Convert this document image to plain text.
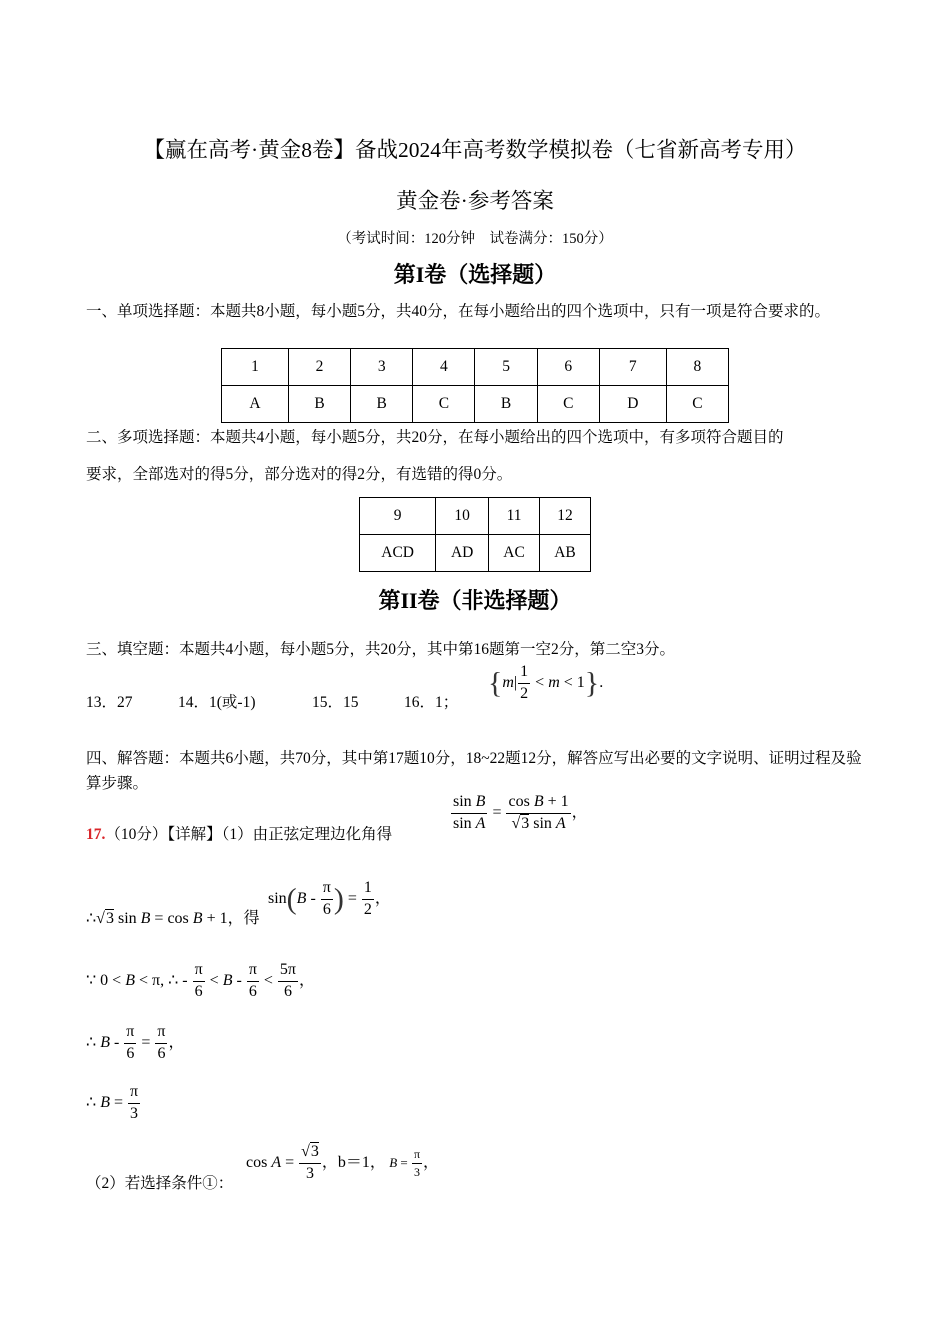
【赢在高考·黄金8卷】备战2024年高考数学模拟卷（七省新高考专用）
黄金卷·参考答案
（考试时间：120分钟　试卷满分：150分）
第I卷（选择题）
一、单项选择题：本题共8小题，每小题5分，共40分，在每小题给出的四个选项中，只有一项是符合要求的。
1	2	3	4	5	6	7	8
A	B	B	C	B	C	D	C
二、多项选择题：本题共4小题，每小题5分，共20分，在每小题给出的四个选项中，有多项符合题目的
要求，全部选对的得5分，部分选对的得2分，有选错的得0分。
9	10	11	12
ACD	AD	AC	AB
第II卷（非选择题）
三、填空题：本题共4小题，每小题5分，共20分，其中第16题第一空2分，第二空3分。
13．27	14．1(或-1)	15．15	16．1；
$\{m| \frac{1}{2} < m < 1\}$.
四、解答题：本题共6小题，共70分，其中第17题10分，18~22题12分，解答应写出必要的文字说明、证明过程及验算步骤。
17.（10分）【详解】（1）由正弦定理边化角得
$\frac{\text{sin B}}{\text{sin A}} = \frac{\text{cos B + 1}}{\text{√3 sin A}}$ ，
∴√3 sin B = cos B + 1，得
$\sin(B - \frac{\pi}{6}$ ) = $\frac{1}{2}$ ，
∵ 0 < B < π, ∴ - $\frac{\pi}{6} < B - \frac{\pi}{6} < \frac{5\pi}{6}$ ，
∴ $B - \frac{\pi}{6} = \frac{\pi}{6}$ ，
∴ $B = \frac{\pi}{3}$
（2）若选择条件①：
$\cos A = \frac{√3}{3}$ ，b＝1， $B = \frac{\pi}{3}$ ，
